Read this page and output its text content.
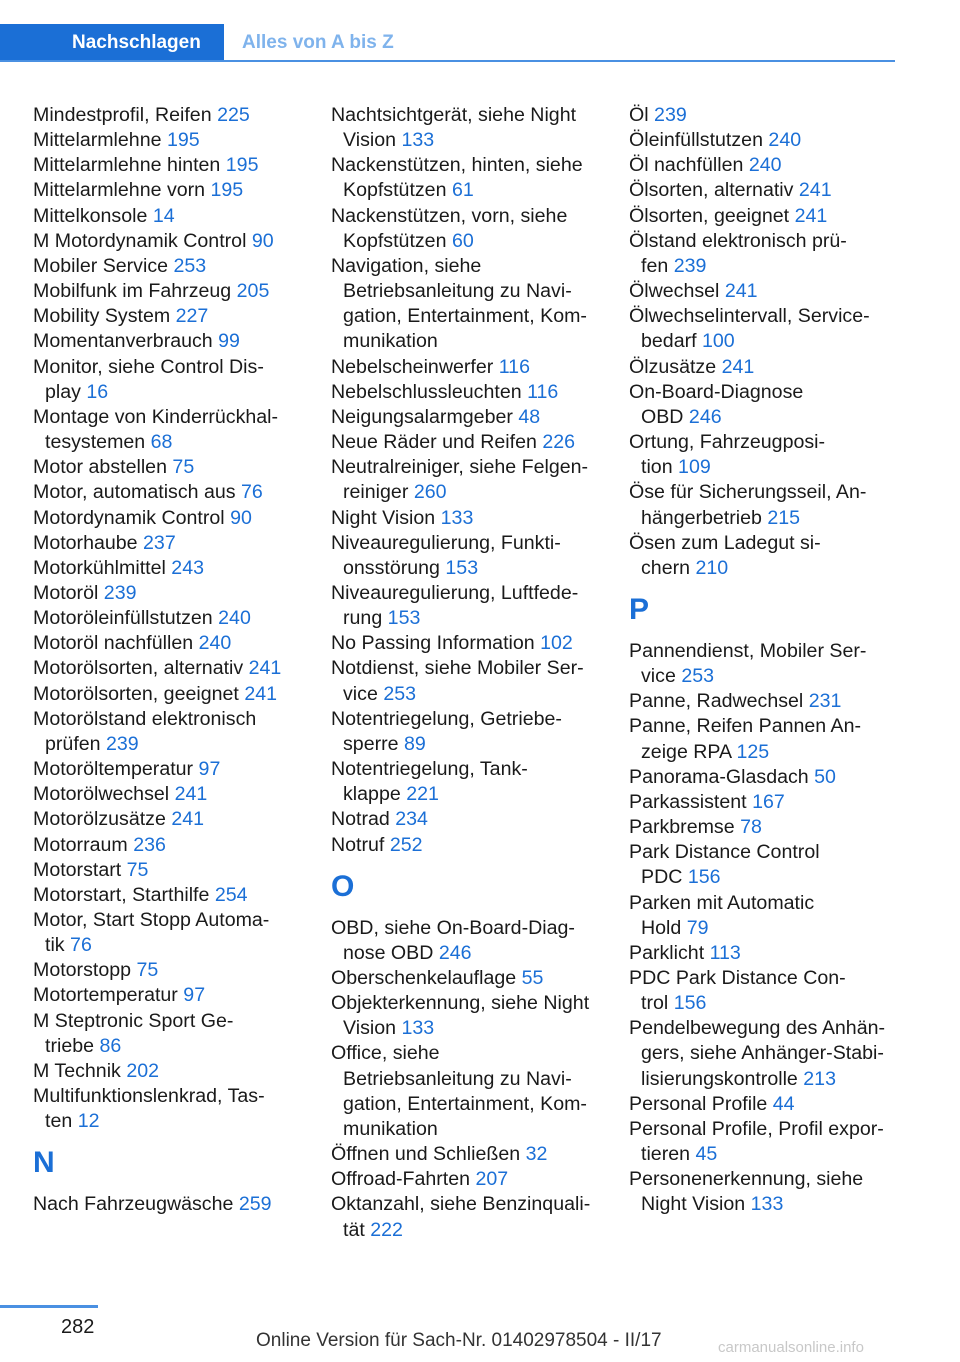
Nachschlagen	Alles von A bis Z
Mindestprofil, Reifen 225
Mittelarmlehne 195
Mittelarmlehne hinten 195
Mittelarmlehne vorn 195
Mittelkonsole 14
M Motordynamik Control 90
Mobiler Service 253
Mobilfunk im Fahrzeug 205
Mobility System 227
Momentanverbrauch 99
Monitor, siehe Control Dis-
play 16
Montage von Kinderrückhal-
tesystemen 68
Motor abstellen 75
Motor, automatisch aus 76
Motordynamik Control 90
Motorhaube 237
Motorkühlmittel 243
Motoröl 239
Motoröleinfüllstutzen 240
Motoröl nachfüllen 240
Motorölsorten, alternativ 241
Motorölsorten, geeignet 241
Motorölstand elektronisch
prüfen 239
Motoröltemperatur 97
Motorölwechsel 241
Motorölzusätze 241
Motorraum 236
Motorstart 75
Motorstart, Starthilfe 254
Motor, Start Stopp Automa-
tik 76
Motorstopp 75
Motortemperatur 97
M Steptronic Sport Ge-
triebe 86
M Technik 202
Multifunktionslenkrad, Tas-
ten 12
N
Nach Fahrzeugwäsche 259
Nachtsichtgerät, siehe Night
Vision 133
Nackenstützen, hinten, siehe
Kopfstützen 61
Nackenstützen, vorn, siehe
Kopfstützen 60
Navigation, siehe
Betriebsanleitung zu Navi-
gation, Entertainment, Kom-
munikation
Nebelscheinwerfer 116
Nebelschlussleuchten 116
Neigungsalarmgeber 48
Neue Räder und Reifen 226
Neutralreiniger, siehe Felgen-
reiniger 260
Night Vision 133
Niveauregulierung, Funkti-
onsstörung 153
Niveauregulierung, Luftfede-
rung 153
No Passing Information 102
Notdienst, siehe Mobiler Ser-
vice 253
Notentriegelung, Getriebe-
sperre 89
Notentriegelung, Tank-
klappe 221
Notrad 234
Notruf 252
O
OBD, siehe On-Board-Diag-
nose OBD 246
Oberschenkelauflage 55
Objekterkennung, siehe Night
Vision 133
Office, siehe
Betriebsanleitung zu Navi-
gation, Entertainment, Kom-
munikation
Öffnen und Schließen 32
Offroad-Fahrten 207
Oktanzahl, siehe Benzinquali-
tät 222
Öl 239
Öleinfüllstutzen 240
Öl nachfüllen 240
Ölsorten, alternativ 241
Ölsorten, geeignet 241
Ölstand elektronisch prü-
fen 239
Ölwechsel 241
Ölwechselintervall, Service-
bedarf 100
Ölzusätze 241
On-Board-Diagnose
OBD 246
Ortung, Fahrzeugposi-
tion 109
Öse für Sicherungsseil, An-
hängerbetrieb 215
Ösen zum Ladegut si-
chern 210
P
Pannendienst, Mobiler Ser-
vice 253
Panne, Radwechsel 231
Panne, Reifen Pannen An-
zeige RPA 125
Panorama-Glasdach 50
Parkassistent 167
Parkbremse 78
Park Distance Control
PDC 156
Parken mit Automatic
Hold 79
Parklicht 113
PDC Park Distance Con-
trol 156
Pendelbewegung des Anhän-
gers, siehe Anhänger-Stabi-
lisierungskontrolle 213
Personal Profile 44
Personal Profile, Profil expor-
tieren 45
Personenerkennung, siehe
Night Vision 133
282
Online Version für Sach-Nr. 01402978504 - II/17	carmanualsonline.info
